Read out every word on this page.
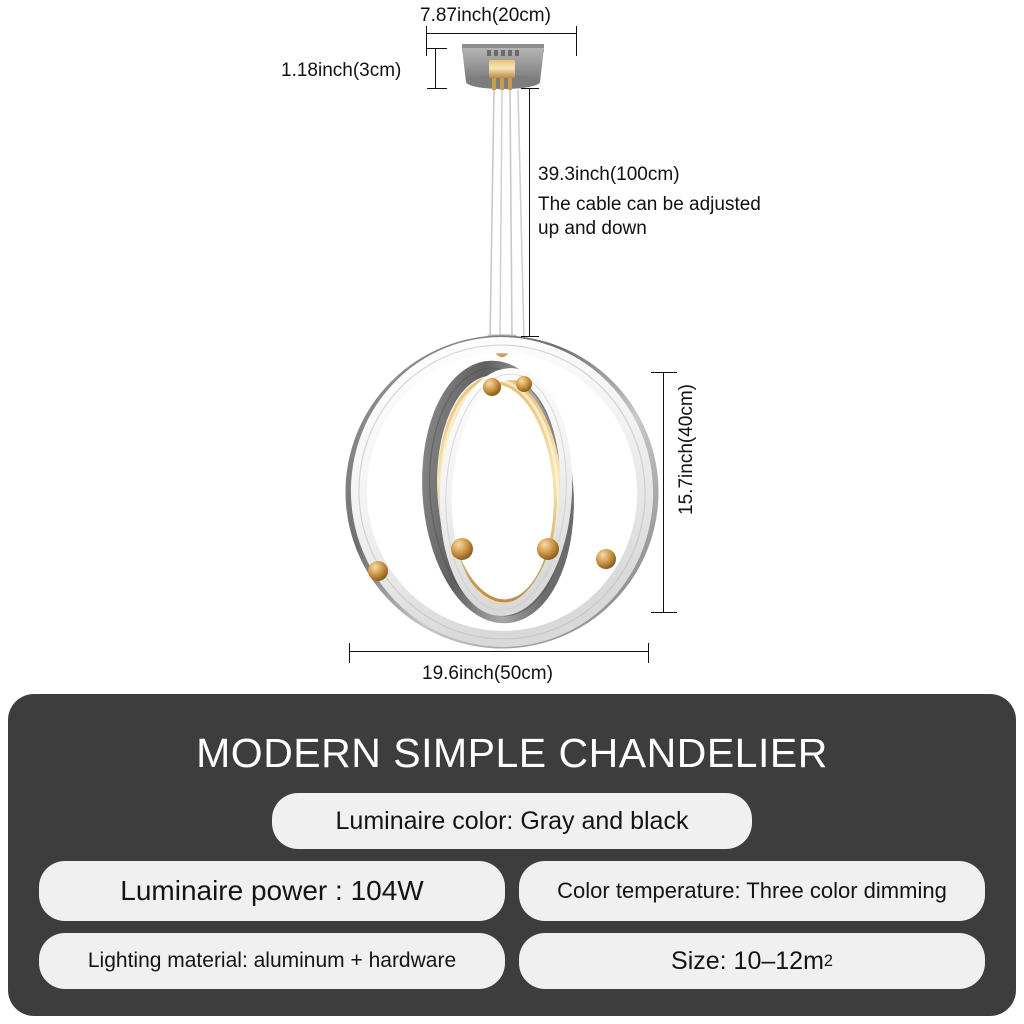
7.87inch(20cm)
1.18inch(3cm)
39.3inch(100cm)
The cable can be adjusted
up and down
15.7inch(40cm)
19.6inch(50cm)
MODERN SIMPLE CHANDELIER
Luminaire color: Gray and black
Luminaire power : 104W	Color temperature: Three color dimming
Lighting material: aluminum + hardware	Size: 10–12m 2
